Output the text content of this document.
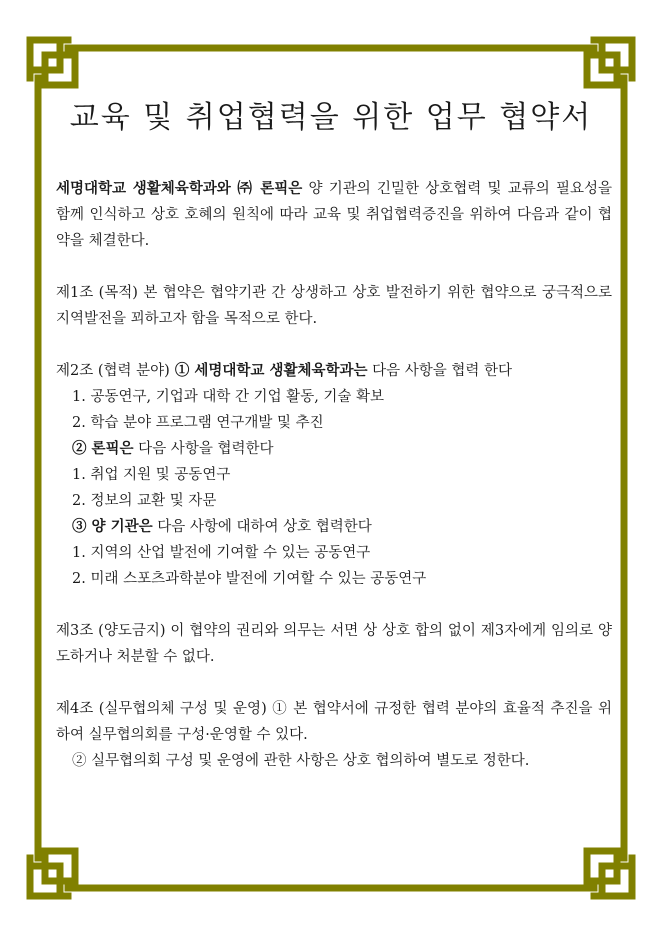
교육 및 취업협력을 위한 업무 협약서

세명대학교 생활체육학과와 ㈜ 론픽은 양 기관의 긴밀한 상호협력 및 교류의 필요성을 함께 인식하고 상호 호혜의 원칙에 따라 교육 및 취업협력증진을 위하여 다음과 같이 협약을 체결한다.

제1조 (목적) 본 협약은 협약기관 간 상생하고 상호 발전하기 위한 협약으로 궁극적으로 지역발전을 꾀하고자 함을 목적으로 한다.

제2조 (협력 분야) ① 세명대학교 생활체육학과는 다음 사항을 협력 한다

1. 공동연구, 기업과 대학 간 기업 활동, 기술 확보

2. 학습 분야 프로그램 연구개발 및 추진

② 론픽은 다음 사항을 협력한다

1. 취업 지원 및 공동연구

2. 정보의 교환 및 자문

③ 양 기관은 다음 사항에 대하여 상호 협력한다

1. 지역의 산업 발전에 기여할 수 있는 공동연구

2. 미래 스포츠과학분야 발전에 기여할 수 있는 공동연구

제3조 (양도금지) 이 협약의 권리와 의무는 서면 상 상호 합의 없이 제3자에게 임의로 양도하거나 처분할 수 없다.

제4조 (실무협의체 구성 및 운영) ① 본 협약서에 규정한 협력 분야의 효율적 추진을 위하여 실무협의회를 구성·운영할 수 있다.

② 실무협의회 구성 및 운영에 관한 사항은 상호 협의하여 별도로 정한다.
